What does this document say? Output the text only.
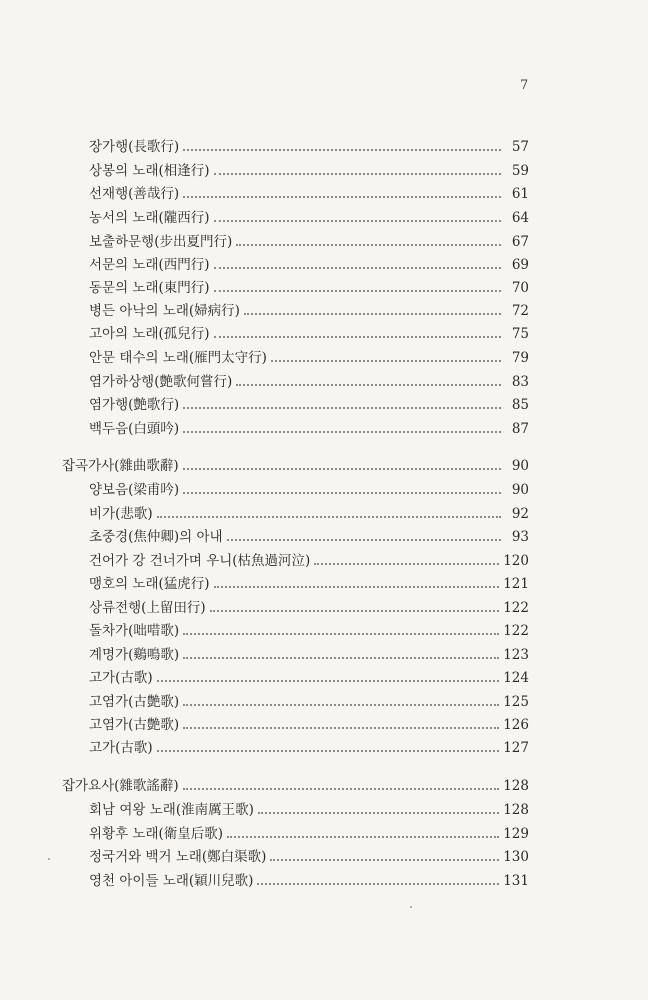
7
장가행(長歌行)	57
상봉의 노래(相逢行)	59
선재행(善哉行)	61
농서의 노래(隴西行)	64
보출하문행(步出夏門行)	67
서문의 노래(西門行)	69
동문의 노래(東門行)	70
병든 아낙의 노래(婦病行)	72
고아의 노래(孤兒行)	75
안문 태수의 노래(雁門太守行)	79
염가하상행(艶歌何嘗行)	83
염가행(艶歌行)	85
백두음(白頭吟)	87
잡곡가사(雜曲歌辭)	90
양보음(梁甫吟)	90
비가(悲歌)	92
초중경(焦仲卿)의 아내	93
건어가 강 건너가며 우니(枯魚過河泣)	120
맹호의 노래(猛虎行)	121
상류전행(上留田行)	122
돌차가(咄唶歌)	122
계명가(鷄鳴歌)	123
고가(古歌)	124
고염가(古艶歌)	125
고염가(古艶歌)	126
고가(古歌)	127
잡가요사(雜歌謠辭)	128
회남 여왕 노래(淮南厲王歌)	128
위황후 노래(衛皇后歌)	129
정국거와 백거 노래(鄭白渠歌)	130
영천 아이들 노래(穎川兒歌)	131
